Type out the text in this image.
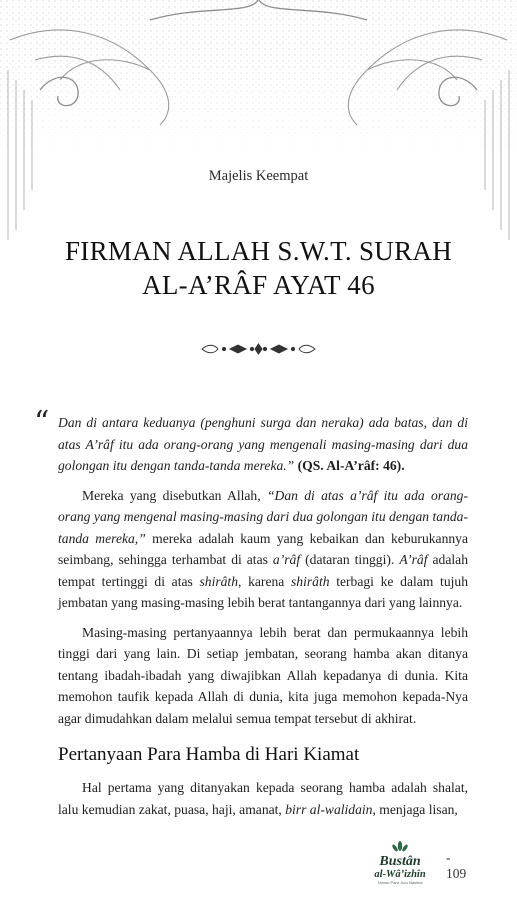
Majelis Keempat
FIRMAN ALLAH S.W.T. SURAH
AL-A’RÂF AYAT 46

“ Dan di antara keduanya (penghuni surga dan neraka) ada batas, dan di atas A’râf itu ada orang-orang yang mengenali masing-masing dari dua golongan itu dengan tanda-tanda mereka.” (QS. Al-A’râf: 46).

Mereka yang disebutkan Allah, “Dan di atas a’râf itu ada orang-orang yang mengenal masing-masing dari dua golongan itu dengan tanda-tanda mereka,” mereka adalah kaum yang kebaikan dan keburukannya seimbang, sehingga terhambat di atas a’râf (dataran tinggi). A’râf adalah tempat tertinggi di atas shirâth, karena shirâth terbagi ke dalam tujuh jembatan yang masing-masing lebih berat tantangannya dari yang lainnya.

Masing-masing pertanyaannya lebih berat dan permukaannya lebih tinggi dari yang lain. Di setiap jembatan, seorang hamba akan ditanya tentang ibadah-ibadah yang diwajibkan Allah kepadanya di dunia. Kita memohon taufik kepada Allah di dunia, kita juga memohon kepada-Nya agar dimudahkan dalam melalui semua tempat tersebut di akhirat.

Pertanyaan Para Hamba di Hari Kiamat

Hal pertama yang ditanyakan kepada seorang hamba adalah shalat, lalu kemudian zakat, puasa, haji, amanat, birr al-walidain, menjaga lisan,

Bustân
al-Wâ’izhîn
Taman Para Juru Nasihat
- 109
